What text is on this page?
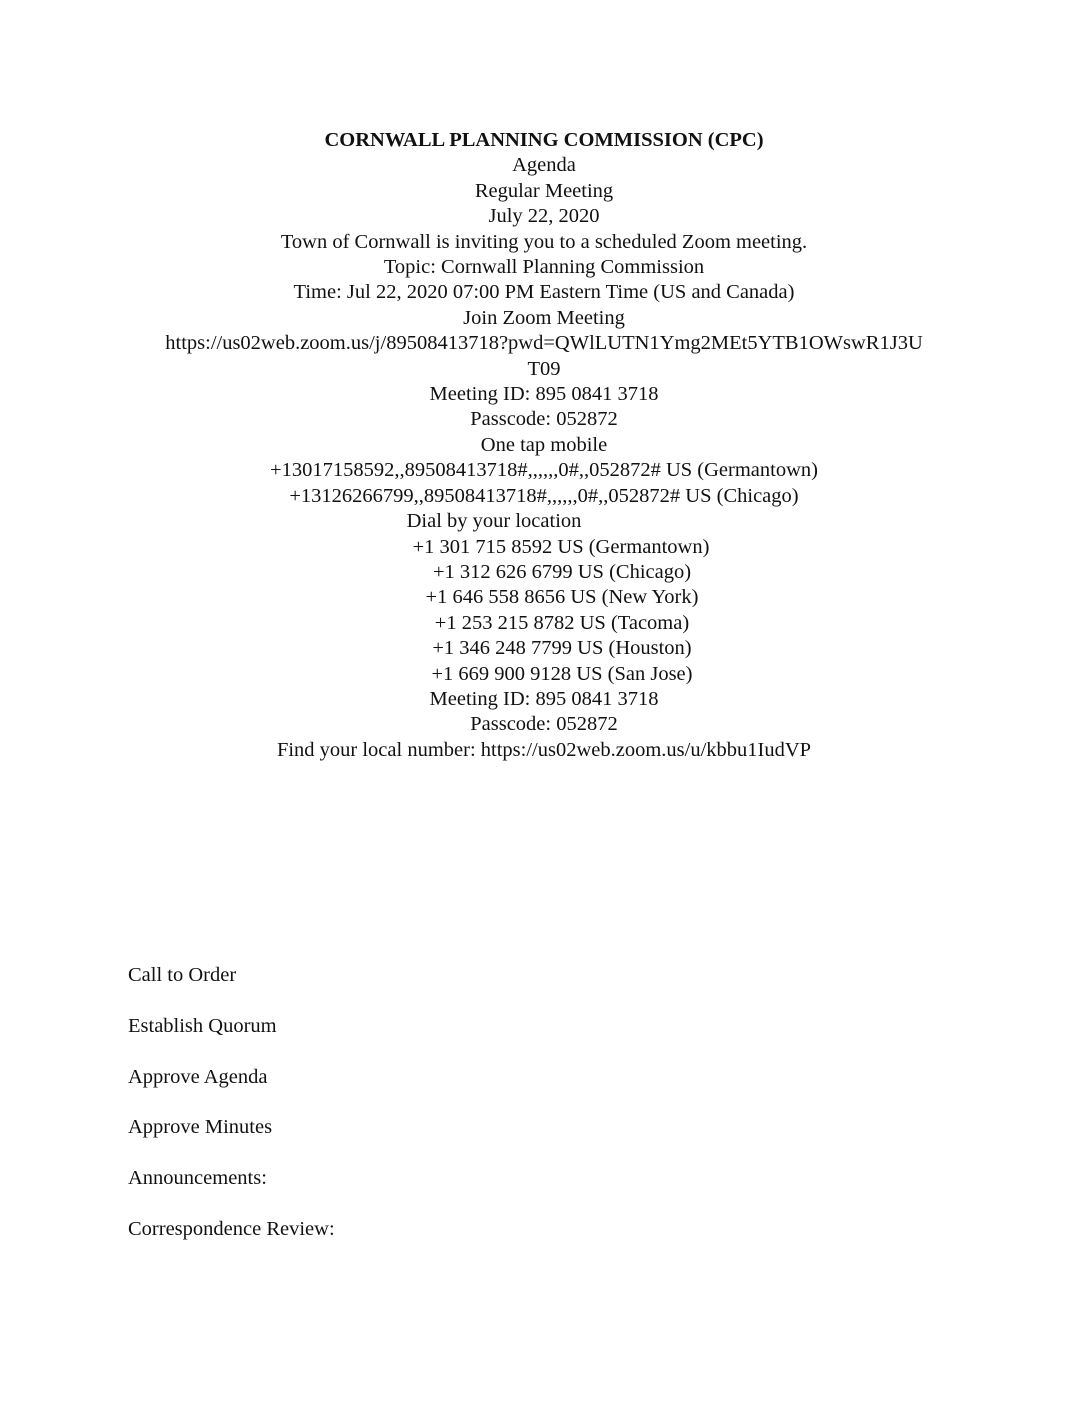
CORNWALL PLANNING COMMISSION (CPC)
Agenda
Regular Meeting
July 22, 2020
Town of Cornwall is inviting you to a scheduled Zoom meeting.
Topic: Cornwall Planning Commission
Time: Jul 22, 2020 07:00 PM Eastern Time (US and Canada)
Join Zoom Meeting
https://us02web.zoom.us/j/89508413718?pwd=QWlLUTN1Ymg2MEt5YTB1OWswR1J3U
T09
Meeting ID: 895 0841 3718
Passcode: 052872
One tap mobile
+13017158592,,89508413718#,,,,,,0#,,052872# US (Germantown)
+13126266799,,89508413718#,,,,,,0#,,052872# US (Chicago)
Dial by your location
+1 301 715 8592 US (Germantown)
+1 312 626 6799 US (Chicago)
+1 646 558 8656 US (New York)
+1 253 215 8782 US (Tacoma)
+1 346 248 7799 US (Houston)
+1 669 900 9128 US (San Jose)
Meeting ID: 895 0841 3718
Passcode: 052872
Find your local number: https://us02web.zoom.us/u/kbbu1IudVP
Call to Order
Establish Quorum
Approve Agenda
Approve Minutes
Announcements:
Correspondence Review:
